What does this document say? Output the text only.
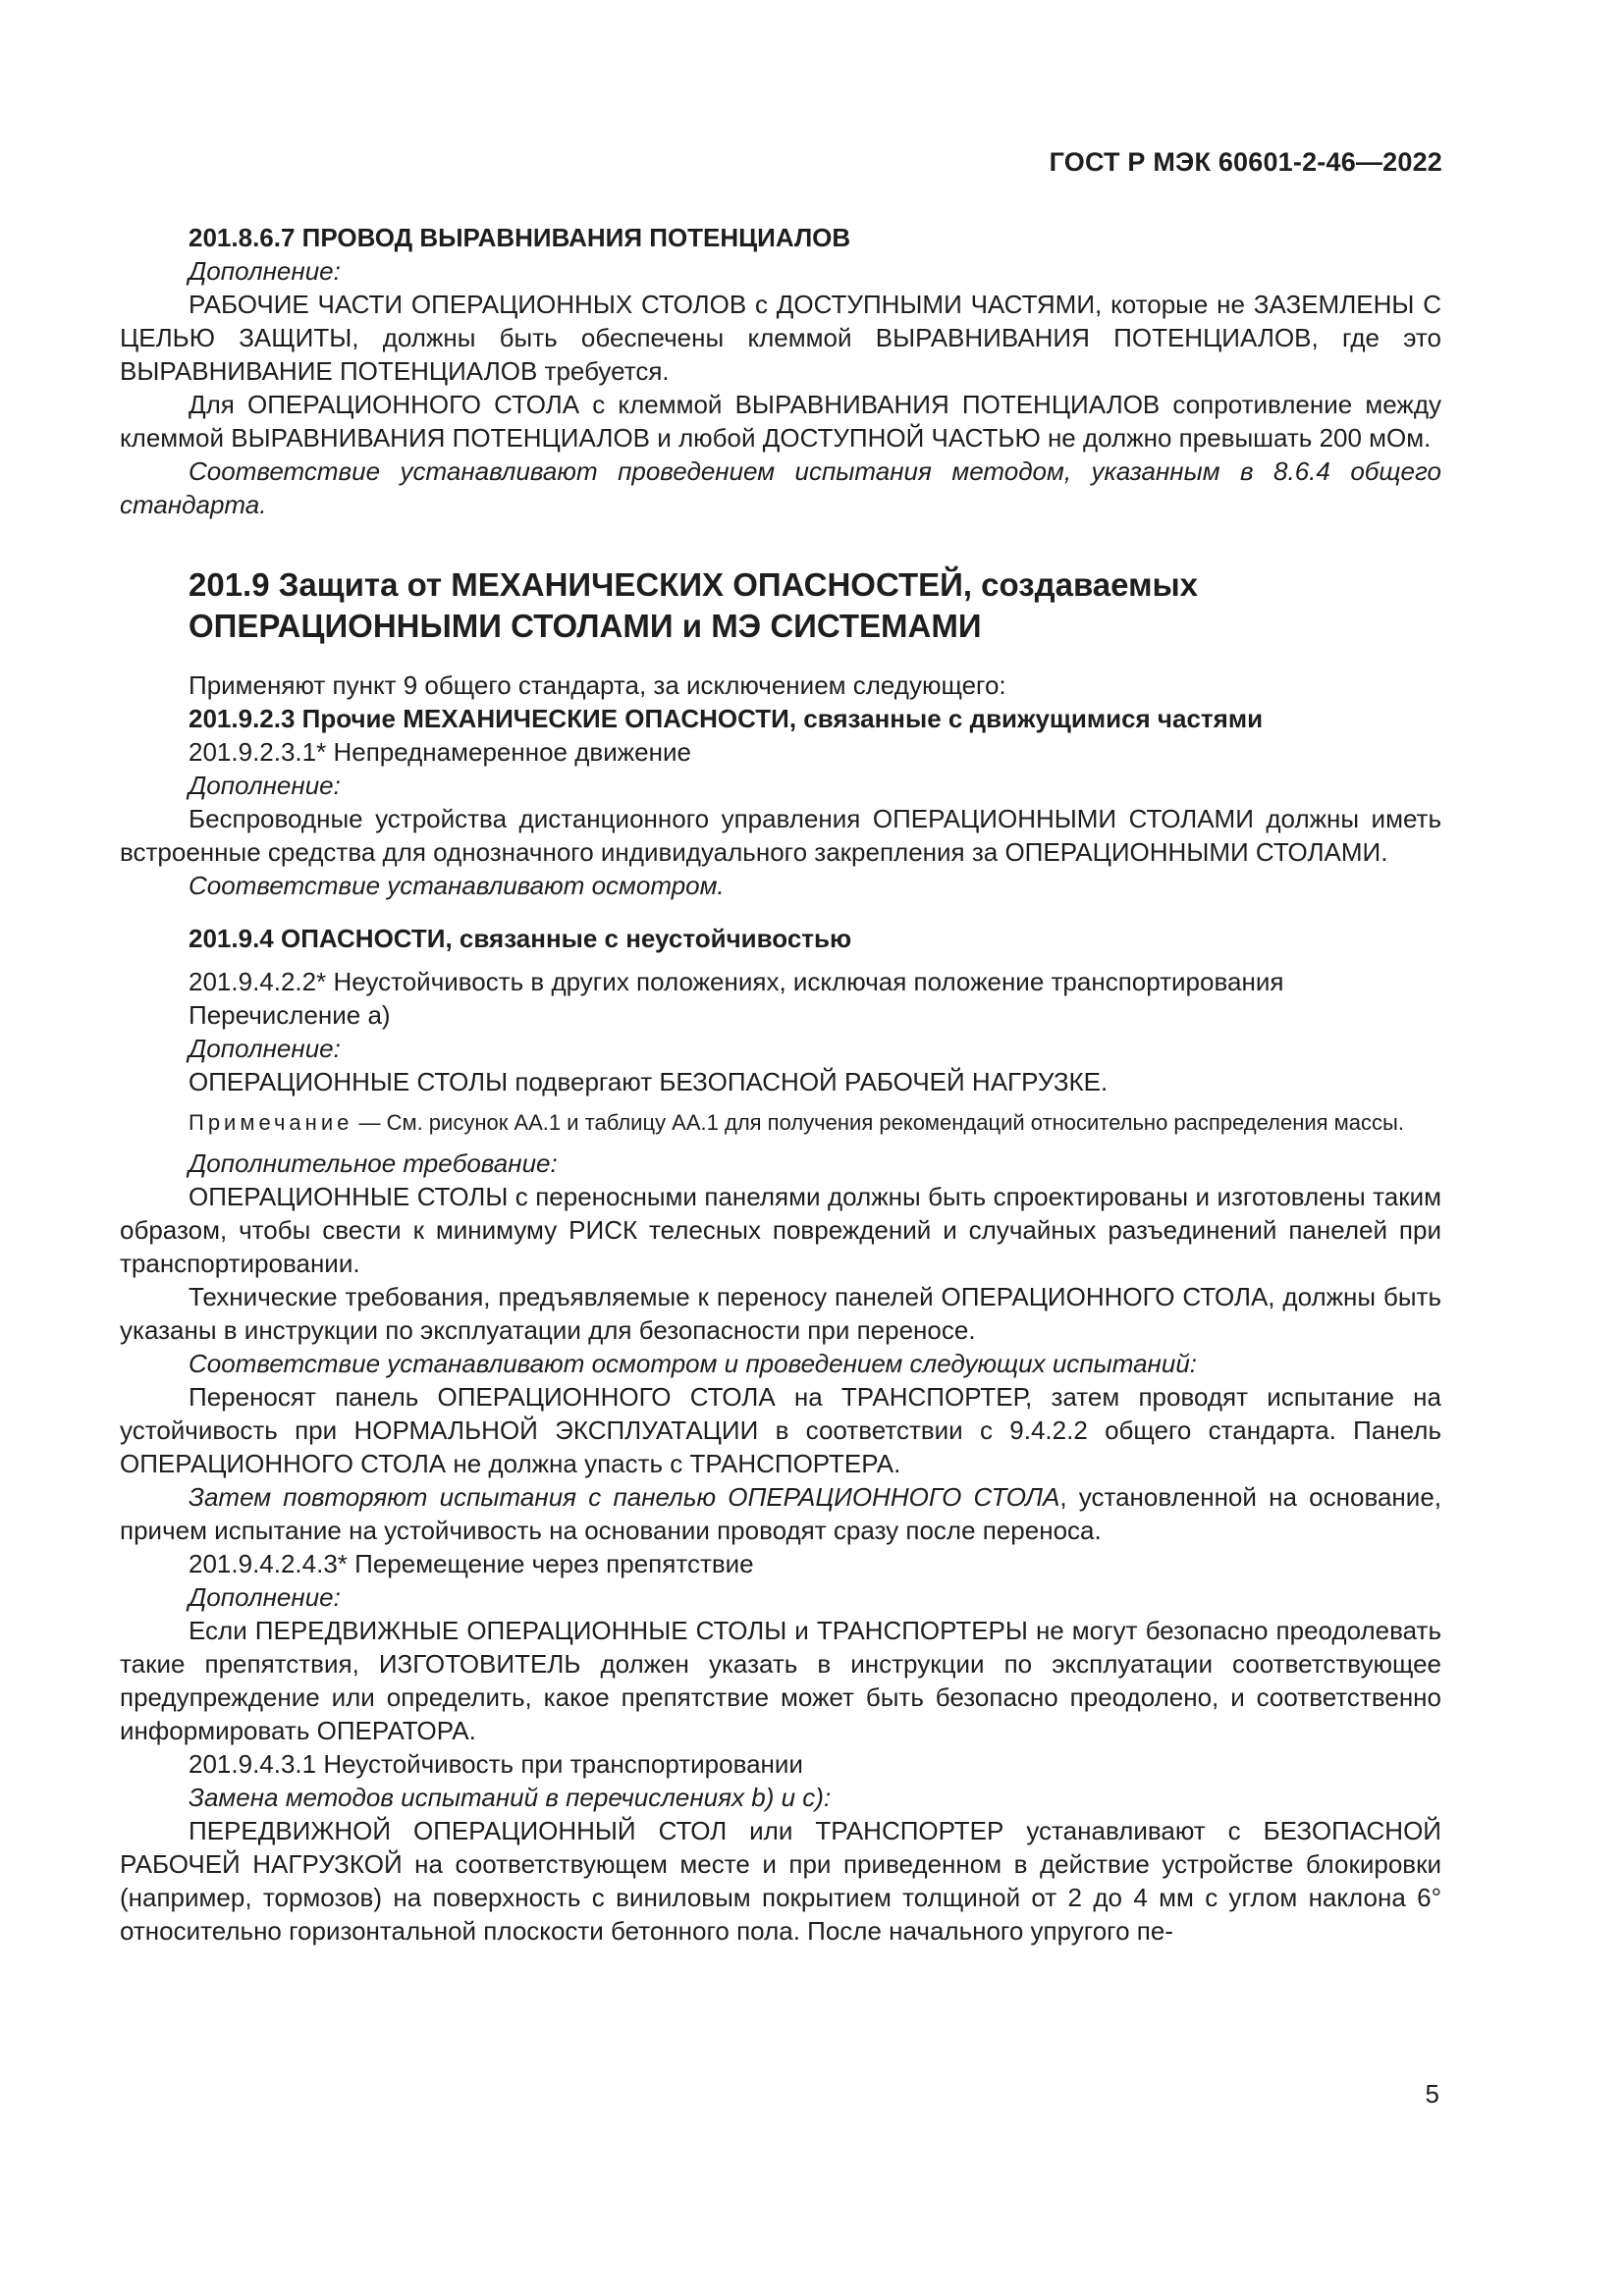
ГОСТ Р МЭК 60601-2-46—2022

201.8.6.7 ПРОВОД ВЫРАВНИВАНИЯ ПОТЕНЦИАЛОВ

Дополнение:

РАБОЧИЕ ЧАСТИ ОПЕРАЦИОННЫХ СТОЛОВ с ДОСТУПНЫМИ ЧАСТЯМИ, которые не ЗАЗЕМЛЕНЫ С ЦЕЛЬЮ ЗАЩИТЫ, должны быть обеспечены клеммой ВЫРАВНИВАНИЯ ПОТЕНЦИАЛОВ, где это ВЫРАВНИВАНИЕ ПОТЕНЦИАЛОВ требуется.

Для ОПЕРАЦИОННОГО СТОЛА с клеммой ВЫРАВНИВАНИЯ ПОТЕНЦИАЛОВ сопротивление между клеммой ВЫРАВНИВАНИЯ ПОТЕНЦИАЛОВ и любой ДОСТУПНОЙ ЧАСТЬЮ не должно превышать 200 мОм.

Соответствие устанавливают проведением испытания методом, указанным в 8.6.4 общего стандарта.

201.9 Защита от МЕХАНИЧЕСКИХ ОПАСНОСТЕЙ, создаваемых
ОПЕРАЦИОННЫМИ СТОЛАМИ и МЭ СИСТЕМАМИ

Применяют пункт 9 общего стандарта, за исключением следующего:

201.9.2.3 Прочие МЕХАНИЧЕСКИЕ ОПАСНОСТИ, связанные с движущимися частями

201.9.2.3.1* Непреднамеренное движение

Дополнение:

Беспроводные устройства дистанционного управления ОПЕРАЦИОННЫМИ СТОЛАМИ должны иметь встроенные средства для однозначного индивидуального закрепления за ОПЕРАЦИОННЫМИ СТОЛАМИ.

Соответствие устанавливают осмотром.

201.9.4 ОПАСНОСТИ, связанные с неустойчивостью

201.9.4.2.2* Неустойчивость в других положениях, исключая положение транспортирования

Перечисление а)

Дополнение:

ОПЕРАЦИОННЫЕ СТОЛЫ подвергают БЕЗОПАСНОЙ РАБОЧЕЙ НАГРУЗКЕ.

Примечание — См. рисунок АА.1 и таблицу АА.1 для получения рекомендаций относительно распределения массы.

Дополнительное требование:

ОПЕРАЦИОННЫЕ СТОЛЫ с переносными панелями должны быть спроектированы и изготовлены таким образом, чтобы свести к минимуму РИСК телесных повреждений и случайных разъединений панелей при транспортировании.

Технические требования, предъявляемые к переносу панелей ОПЕРАЦИОННОГО СТОЛА, должны быть указаны в инструкции по эксплуатации для безопасности при переносе.

Соответствие устанавливают осмотром и проведением следующих испытаний:

Переносят панель ОПЕРАЦИОННОГО СТОЛА на ТРАНСПОРТЕР, затем проводят испытание на устойчивость при НОРМАЛЬНОЙ ЭКСПЛУАТАЦИИ в соответствии с 9.4.2.2 общего стандарта. Панель ОПЕРАЦИОННОГО СТОЛА не должна упасть с ТРАНСПОРТЕРА.

Затем повторяют испытания с панелью ОПЕРАЦИОННОГО СТОЛА, установленной на основание, причем испытание на устойчивость на основании проводят сразу после переноса.

201.9.4.2.4.3* Перемещение через препятствие

Дополнение:

Если ПЕРЕДВИЖНЫЕ ОПЕРАЦИОННЫЕ СТОЛЫ и ТРАНСПОРТЕРЫ не могут безопасно преодолевать такие препятствия, ИЗГОТОВИТЕЛЬ должен указать в инструкции по эксплуатации соответствующее предупреждение или определить, какое препятствие может быть безопасно преодолено, и соответственно информировать ОПЕРАТОРА.

201.9.4.3.1 Неустойчивость при транспортировании

Замена методов испытаний в перечислениях b) и с):

ПЕРЕДВИЖНОЙ ОПЕРАЦИОННЫЙ СТОЛ или ТРАНСПОРТЕР устанавливают с БЕЗОПАСНОЙ РАБОЧЕЙ НАГРУЗКОЙ на соответствующем месте и при приведенном в действие устройстве блокировки (например, тормозов) на поверхность с виниловым покрытием толщиной от 2 до 4 мм с углом наклона 6° относительно горизонтальной плоскости бетонного пола. После начального упругого пе-

5
